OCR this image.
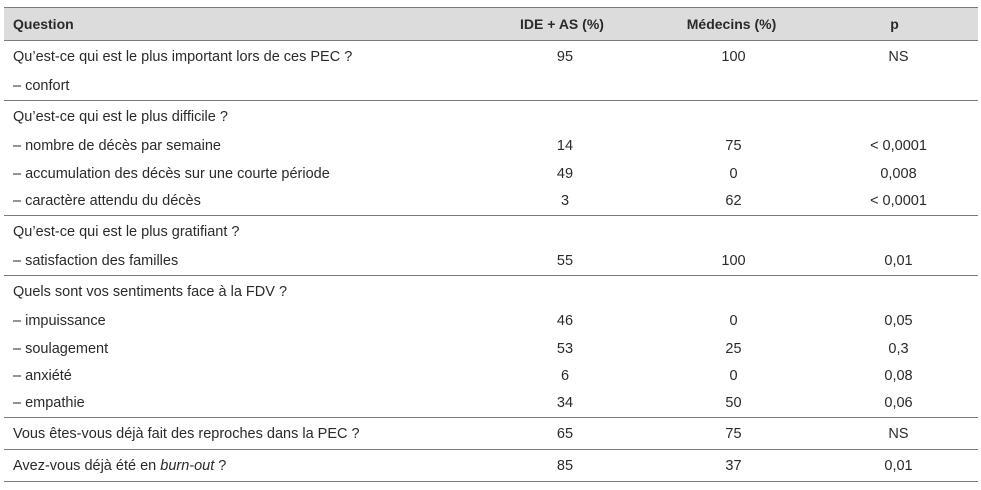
Question	IDE + AS (%)	Médecins (%)	p
Qu’est-ce qui est le plus important lors de ces PEC ?	95	100	NS
– confort			
Qu’est-ce qui est le plus difficile ?			
– nombre de décès par semaine	14	75	< 0,0001
– accumulation des décès sur une courte période	49	0	0,008
– caractère attendu du décès	3	62	< 0,0001
Qu’est-ce qui est le plus gratifiant ?			
– satisfaction des familles	55	100	0,01
Quels sont vos sentiments face à la FDV ?			
– impuissance	46	0	0,05
– soulagement	53	25	0,3
– anxiété	6	0	0,08
– empathie	34	50	0,06
Vous êtes-vous déjà fait des reproches dans la PEC ?	65	75	NS
Avez-vous déjà été en burn-out ?	85	37	0,01
